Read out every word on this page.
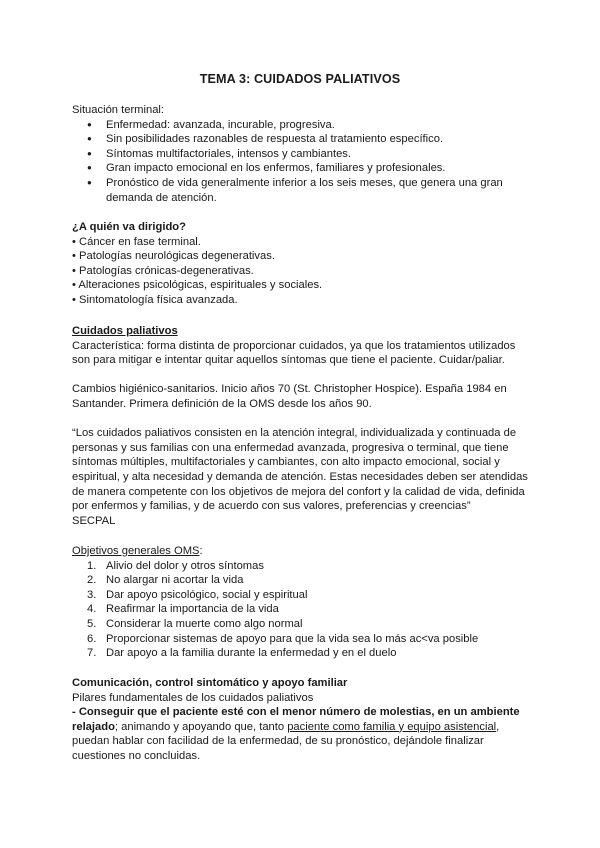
TEMA 3: CUIDADOS PALIATIVOS

Situación terminal:

● Enfermedad: avanzada, incurable, progresiva.
● Sin posibilidades razonables de respuesta al tratamiento específico.
● Síntomas multifactoriales, intensos y cambiantes.
● Gran impacto emocional en los enfermos, familiares y profesionales.
● Pronóstico de vida generalmente inferior a los seis meses, que genera una gran demanda de atención.

¿A quién va dirigido?

• Cáncer en fase terminal.

• Patologías neurológicas degenerativas.

• Patologías crónicas-degenerativas.

• Alteraciones psicológicas, espirituales y sociales.

• Sintomatología física avanzada.

Cuidados paliativos

Característica: forma distinta de proporcionar cuidados, ya que los tratamientos utilizados son para mitigar e intentar quitar aquellos síntomas que tiene el paciente. Cuidar/paliar.

Cambios higiénico-sanitarios. Inicio años 70 (St. Christopher Hospice). España 1984 en Santander. Primera definición de la OMS desde los años 90.

“Los cuidados paliativos consisten en la atención integral, individualizada y continuada de personas y sus familias con una enfermedad avanzada, progresiva o terminal, que tiene síntomas múltiples, multifactoriales y cambiantes, con alto impacto emocional, social y espiritual, y alta necesidad y demanda de atención. Estas necesidades deben ser atendidas de manera competente con los objetivos de mejora del confort y la calidad de vida, definida por enfermos y familias, y de acuerdo con sus valores, preferencias y creencias”

SECPAL

Objetivos generales OMS:

1. Alivio del dolor y otros síntomas
2. No alargar ni acortar la vida
3. Dar apoyo psicológico, social y espiritual
4. Reafirmar la importancia de la vida
5. Considerar la muerte como algo normal
6. Proporcionar sistemas de apoyo para que la vida sea lo más ac<va posible
7. Dar apoyo a la familia durante la enfermedad y en el duelo

Comunicación, control sintomático y apoyo familiar

Pilares fundamentales de los cuidados paliativos

- Conseguir que el paciente esté con el menor número de molestias, en un ambiente relajado; animando y apoyando que, tanto paciente como familia y equipo asistencial, puedan hablar con facilidad de la enfermedad, de su pronóstico, dejándole finalizar cuestiones no concluidas.
